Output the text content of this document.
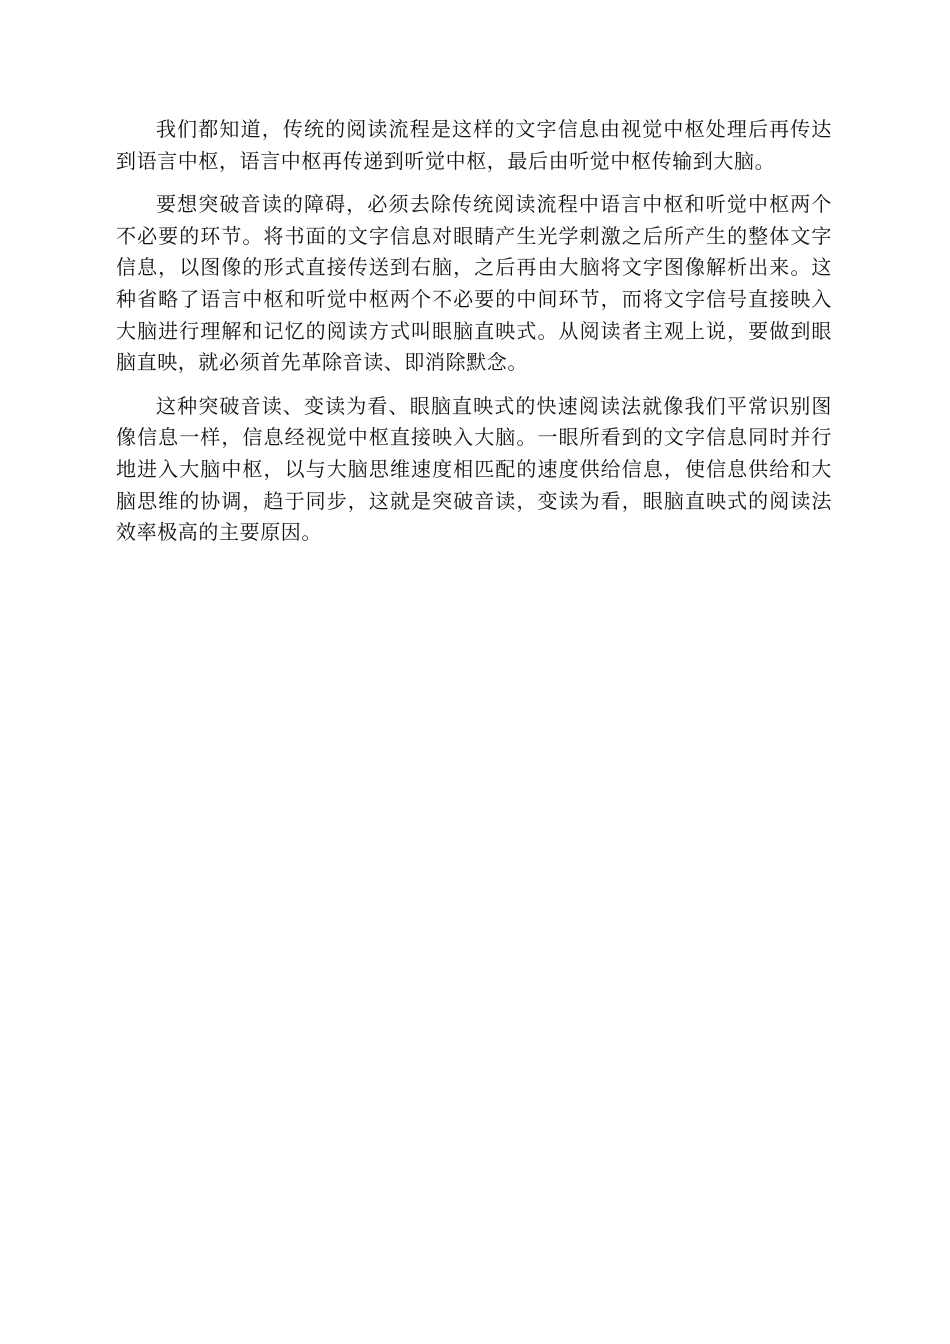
我们都知道，传统的阅读流程是这样的文字信息由视觉中枢处理后再传达到语言中枢，语言中枢再传递到听觉中枢，最后由听觉中枢传输到大脑。

要想突破音读的障碍，必须去除传统阅读流程中语言中枢和听觉中枢两个不必要的环节。将书面的文字信息对眼睛产生光学刺激之后所产生的整体文字信息，以图像的形式直接传送到右脑，之后再由大脑将文字图像解析出来。这种省略了语言中枢和听觉中枢两个不必要的中间环节，而将文字信号直接映入大脑进行理解和记忆的阅读方式叫眼脑直映式。从阅读者主观上说，要做到眼脑直映，就必须首先革除音读、即消除默念。

这种突破音读、变读为看、眼脑直映式的快速阅读法就像我们平常识别图像信息一样，信息经视觉中枢直接映入大脑。一眼所看到的文字信息同时并行地进入大脑中枢，以与大脑思维速度相匹配的速度供给信息，使信息供给和大脑思维的协调，趋于同步，这就是突破音读，变读为看，眼脑直映式的阅读法效率极高的主要原因。
